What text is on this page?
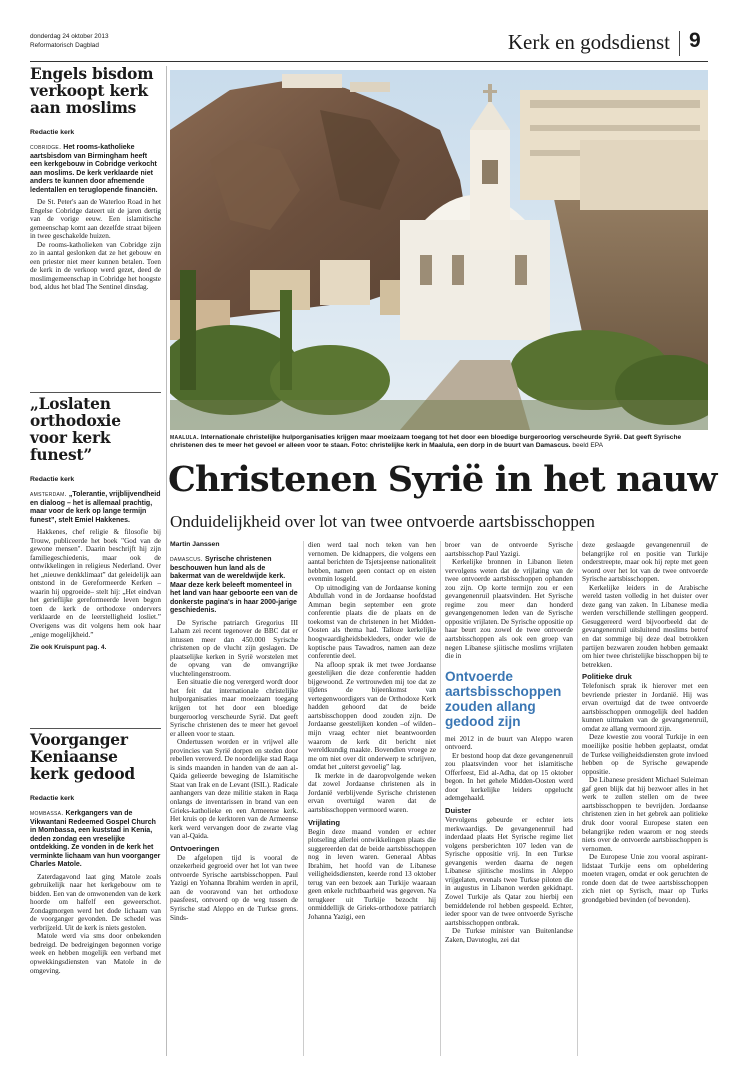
donderdag 24 oktober 2013
Reformatorisch Dagblad	Kerk en godsdienst 9
Engels bisdom verkoopt kerk aan moslims
Redactie kerk
cobridge. Het rooms-katholieke aartsbisdom van Birmingham heeft een kerkgebouw in Cobridge verkocht aan moslims. De kerk verklaarde niet anders te kunnen door afnemende ledentallen en teruglopende financiën.

De St. Peter's aan de Waterloo Road in het Engelse Cobridge dateert uit de jaren dertig van de vorige eeuw. Een islamitische gemeenschap komt aan dezelfde straat bijeen in twee geschakelde huizen.

De rooms-katholieken van Cobridge zijn zo in aantal geslonken dat ze het gebouw en een priester niet meer kunnen betalen. Toen de kerk in de verkoop werd gezet, deed de moslimgemeenschap in Cobridge het hoogste bod, aldus het blad The Sentinel dinsdag.

„Loslaten orthodoxie voor kerk funest”
Redactie kerk
amsterdam. „Tolerantie, vrijblijvendheid en dialoog – het is allemaal prachtig, maar voor de kerk op lange termijn funest”, stelt Emiel Hakkenes.

Hakkenes, chef religie & filosofie bij Trouw, publiceerde het boek "God van de gewone mensen". Daarin beschrijft hij zijn familiegeschiedenis, maar ook de ontwikkelingen in religieus Nederland. Over het „nieuwe denkklimaat” dat geleidelijk aan ontstond in de Gereformeerde Kerken –waarin hij opgroeide– stelt hij: „Het eindvan het gerieflijke gereformeerde leven begon toen de kerk de orthodoxe ondervers verklaarde en de leerstelligheid losliet.” Overigens was dit volgens hem ook haar „enige mogelijkheid.”

Zie ook Kruispunt pag. 4.
Voorganger Keniaanse kerk gedood
Redactie kerk
mombassa. Kerkgangers van de Vikwantani Redeemed Gospel Church in Mombassa, een kuststad in Kenia, deden zondag een vreselijke ontdekking. Ze vonden in de kerk het verminkte lichaam van hun voorganger Charles Matole.

Zaterdagavond laat ging Matole zoals gebruikelijk naar het kerkgebouw om te bidden. Een van de omwonenden van de kerk hoorde om halfelf een geweerschot. Zondagmorgen werd het dode lichaam van de voorganger gevonden. De schedel was verbrijzeld. Uit de kerk is niets gestolen.

Matole werd via sms door onbekenden bedreigd. De bedreigingen begonnen vorige week en hebben mogelijk een verband met opwekkingsdiensten van Matole in de omgeving.

maalula. Internationale christelijke hulporganisaties krijgen maar moeizaam toegang tot het door een bloedige burgeroorlog verscheurde Syrië. Dat geeft Syrische christenen des te meer het gevoel er alleen voor te staan. Foto: christelijke kerk in Maalula, een dorp in de buurt van Damascus. beeld EPA
Christenen Syrië in het nauw
Onduidelijkheid over lot van twee ontvoerde aartsbisschoppen
Martin Janssen
damascus. Syrische christenen beschouwen hun land als de bakermat van de wereldwijde kerk. Maar deze kerk beleeft momenteel in het land van haar geboorte een van de donkerste pagina's in haar 2000-jarige geschiedenis.

De Syrische patriarch Gregorius III Laham zei recent tegenover de BBC dat er intussen meer dan 450.000 Syrische christenen op de vlucht zijn geslagen. De plaatselijke kerken in Syrië worstelen met de opvang van de omvangrijke vluchtelingenstroom.

Een situatie die nog verergerd wordt door het feit dat internationale christelijke hulporganisaties maar moeizaam toegang krijgen tot het door een bloedige burgeroorlog verscheurde Syrië. Dat geeft Syrische christenen des te meer het gevoel er alleen voor te staan.

Ondertussen worden er in vrijwel alle provincies van Syrië dorpen en steden door rebellen veroverd. De noordelijke stad Raqa is sinds maanden in handen van de aan al-Qaida gelieerde beweging de Islamitische Staat van Irak en de Levant (ISIL). Radicale aanhangers van deze militie staken in Raqa onlangs de inventarissen in brand van een Grieks-katholieke en een Armeense kerk. Het kruis op de kerktoren van de Armeense kerk werd vervangen door de zwarte vlag van al-Qaida.

Ontvoeringen

De afgelopen tijd is vooral de onzekerheid gegroeid over het lot van twee ontvoerde Syrische aartsbisschoppen. Paul Yazigi en Yohanna Ibrahim werden in april, aan de vooravond van het orthodoxe paasfeest, ontvoerd op de weg tussen de Syrische stad Aleppo en de Turkse grens. Sinds-

dien werd taal noch teken van hen vernomen. De kidnappers, die volgens een aantal berichten de Tsjetsjeense nationaliteit hebben, namen geen contact op en eisten evenmin losgeld.

Op uitnodiging van de Jordaanse koning Abdullah vond in de Jordaanse hoofdstad Amman begin september een grote conferentie plaats die de plaats en de toekomst van de christenen in het Midden-Oosten als thema had. Talloze kerkelijke hoogwaardigheidsbekleders, onder wie de koptische paus Tawadros, namen aan deze conferentie deel.

Na afloop sprak ik met twee Jordaanse geestelijken die deze conferentie hadden bijgewoond. Ze vertrouwden mij toe dat ze tijdens de bijeenkomst van vertegenwoordigers van de Orthodoxe Kerk hadden gehoord dat de beide aartsbisschoppen dood zouden zijn. De Jordaanse geestelijken konden –of wilden– mijn vraag echter niet beantwoorden waarom de kerk dit bericht niet wereldkundig maakte. Bovendien vroege ze me om niet over dit onderwerp te schrijven, omdat het „uiterst gevoelig” lag.

Ik merkte in de daaropvolgende weken dat zowel Jordaanse christenen als in Jordanië verblijvende Syrische christenen ervan overtuigd waren dat de aartsbisschoppen vermoord waren.

Vrijlating

Begin deze maand vonden er echter plotseling allerlei ontwikkelingen plaats die suggereerden dat de beide aartsbisschoppen nog in leven waren. Generaal Abbas Ibrahim, het hoofd van de Libanese veiligheidsdiensten, keerde rond 13 oktober terug van een bezoek aan Turkije waaraan geen enkele ruchtbaarheid was gegeven. Na terugkeer uit Turkije bezocht hij onmiddellijk de Grieks-orthodoxe patriarch Johanna Yazigi, een

broer van de ontvoerde Syrische aartsbisschop Paul Yazigi.

Kerkelijke bronnen in Libanon lieten vervolgens weten dat de vrijlating van de twee ontvoerde aartsbisschoppen ophanden zou zijn. Op korte termijn zou er een gevangenenruil plaatsvinden. Het Syrische regime zou meer dan honderd gevangengenomen leden van de Syrische oppositie vrijlaten. De Syrische oppositie op haar beurt zou zowel de twee ontvoerde aartsbisschoppen als ook een groep van negen Libanese sjiitische moslims vrijlaten die in

Ontvoerde aartsbisschoppen zouden allang gedood zijn

mei 2012 in de buurt van Aleppo waren ontvoerd.

Er bestond hoop dat deze gevangenenruil zou plaatsvinden voor het islamitische Offerfeest, Eid al-Adha, dat op 15 oktober begon. In het gehele Midden-Oosten werd door kerkelijke leiders opgelucht ademgehaald.

Duister

Vervolgens gebeurde er echter iets merkwaardigs. De gevangenenruil had inderdaad plaats Het Syrische regime liet volgens persberichten 107 leden van de Syrische oppositie vrij. In een Turkse gevangenis werden daarna de negen Libanese sjiitische moslims in Aleppo vrijgelaten, evenals twee Turkse piloten die in augustus in Libanon werden gekidnapt. Zowel Turkije als Qatar zou hierbij een bemiddelende rol hebben gespeeld. Echter, ieder spoor van de twee ontvoerde Syrische aartsbisschoppen ontbrak.

De Turkse minister van Buitenlandse Zaken, Davutoglu, zei dat

deze geslaagde gevangenenruil de belangrijke rol en positie van Turkije onderstreepte, maar ook hij repte met geen woord over het lot van de twee ontvoerde Syrische aartsbisschoppen.

Kerkelijke leiders in de Arabische wereld tasten volledig in het duister over deze gang van zaken. In Libanese media werden verschillende stellingen geopperd. Gesuggereerd werd bijvoorbeeld dat de gevangenenruil uitsluitend moslims betrof en dat sommige bij deze deal betrokken partijen bezwaren zouden hebben gemaakt om hier twee christelijke bisschoppen bij te betrekken.

Politieke druk

Telefonisch sprak ik hierover met een bevriende priester in Jordanië. Hij was ervan overtuigd dat de twee ontvoerde aartsbisschoppen onmogelijk deel hadden kunnen uitmaken van de gevangenenruil, omdat ze allang vermoord zijn.

Deze kwestie zou vooral Turkije in een moeilijke positie hebben geplaatst, omdat de Turkse veiligheidsdiensten grote invloed hebben op de Syrische gewapende oppositie.

De Libanese president Michael Suleiman gaf geen blijk dat hij bezwoer alles in het werk te zullen stellen om de twee aartsbisschoppen te bevrijden. Jordaanse christenen zien in het gebrek aan politieke druk door vooral Europese staten een belangrijke reden waarom er nog steeds niets over de ontvoerde aartsbisschoppen is vernomen.

De Europese Unie zou vooral aspirant-lidstaat Turkije eens om opheldering moeten vragen, omdat er ook geruchten de ronde doen dat de twee aartsbisschoppen zich niet op Syrisch, maar op Turks grondgebied bevinden (of bevonden).
